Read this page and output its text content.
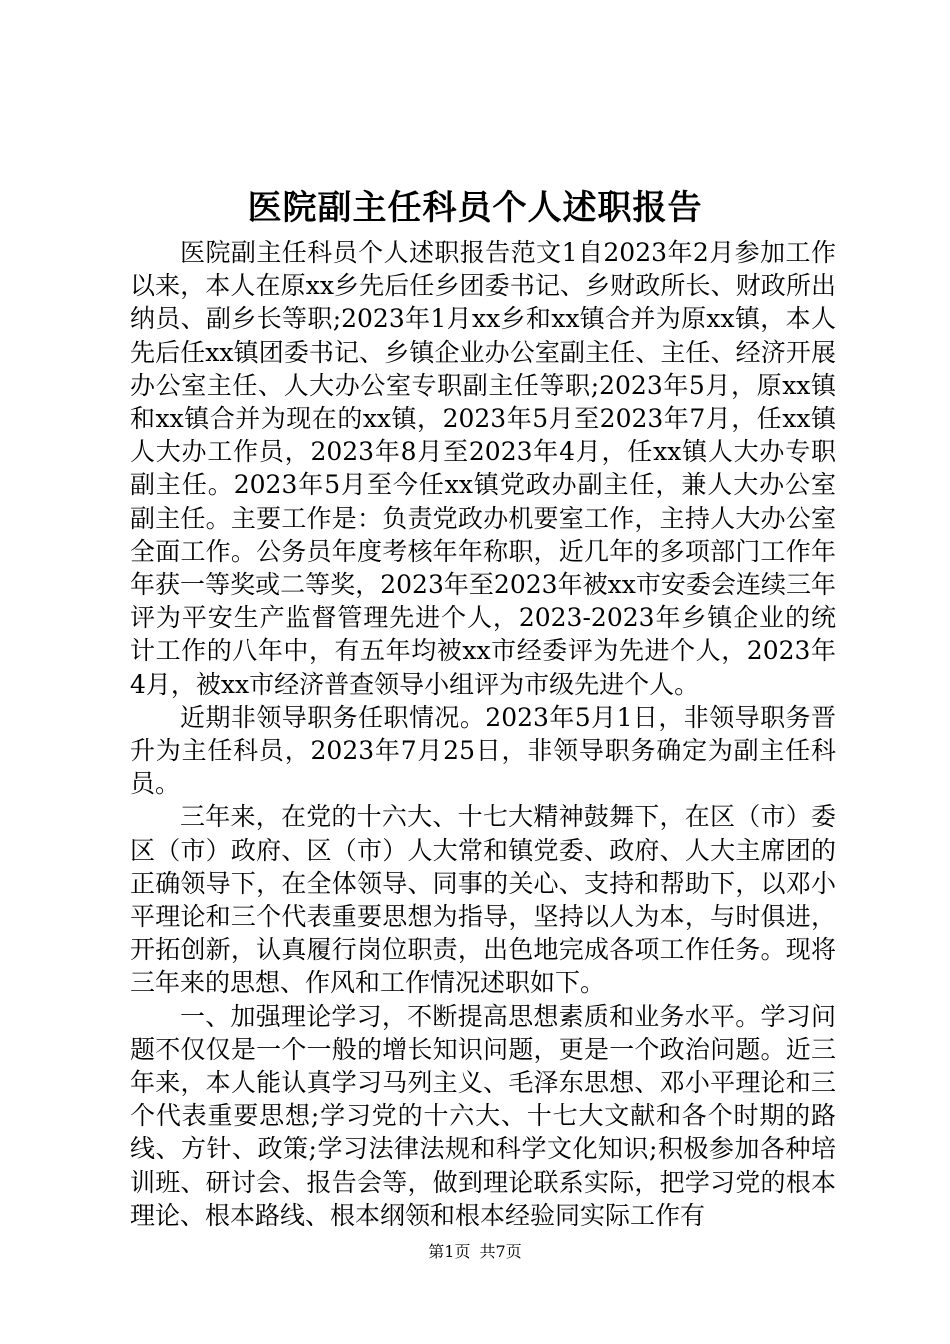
医院副主任科员个人述职报告

医院副主任科员个人述职报告范文1自2023年2月参加工作以来，本人在原xx乡先后任乡团委书记、乡财政所长、财政所出纳员、副乡长等职;2023年1月xx乡和xx镇合并为原xx镇，本人先后任xx镇团委书记、乡镇企业办公室副主任、主任、经济开展办公室主任、人大办公室专职副主任等职;2023年5月，原xx镇和xx镇合并为现在的xx镇，2023年5月至2023年7月，任xx镇人大办工作员，2023年8月至2023年4月，任xx镇人大办专职副主任。2023年5月至今任xx镇党政办副主任，兼人大办公室副主任。主要工作是：负责党政办机要室工作，主持人大办公室全面工作。公务员年度考核年年称职，近几年的多项部门工作年年获一等奖或二等奖，2023年至2023年被xx市安委会连续三年评为平安生产监督管理先进个人，2023-2023年乡镇企业的统计工作的八年中，有五年均被xx市经委评为先进个人，2023年4月，被xx市经济普查领导小组评为市级先进个人。

近期非领导职务任职情况。2023年5月1日，非领导职务晋升为主任科员，2023年7月25日，非领导职务确定为副主任科员。

三年来，在党的十六大、十七大精神鼓舞下，在区（市）委区（市）政府、区（市）人大常和镇党委、政府、人大主席团的正确领导下，在全体领导、同事的关心、支持和帮助下，以邓小平理论和三个代表重要思想为指导，坚持以人为本，与时俱进，开拓创新，认真履行岗位职责，出色地完成各项工作任务。现将三年来的思想、作风和工作情况述职如下。

一、加强理论学习，不断提高思想素质和业务水平。学习问题不仅仅是一个一般的增长知识问题，更是一个政治问题。近三年来，本人能认真学习马列主义、毛泽东思想、邓小平理论和三个代表重要思想;学习党的十六大、十七大文献和各个时期的路线、方针、政策;学习法律法规和科学文化知识;积极参加各种培训班、研讨会、报告会等，做到理论联系实际，把学习党的根本理论、根本路线、根本纲领和根本经验同实际工作有

第1页 共7页
